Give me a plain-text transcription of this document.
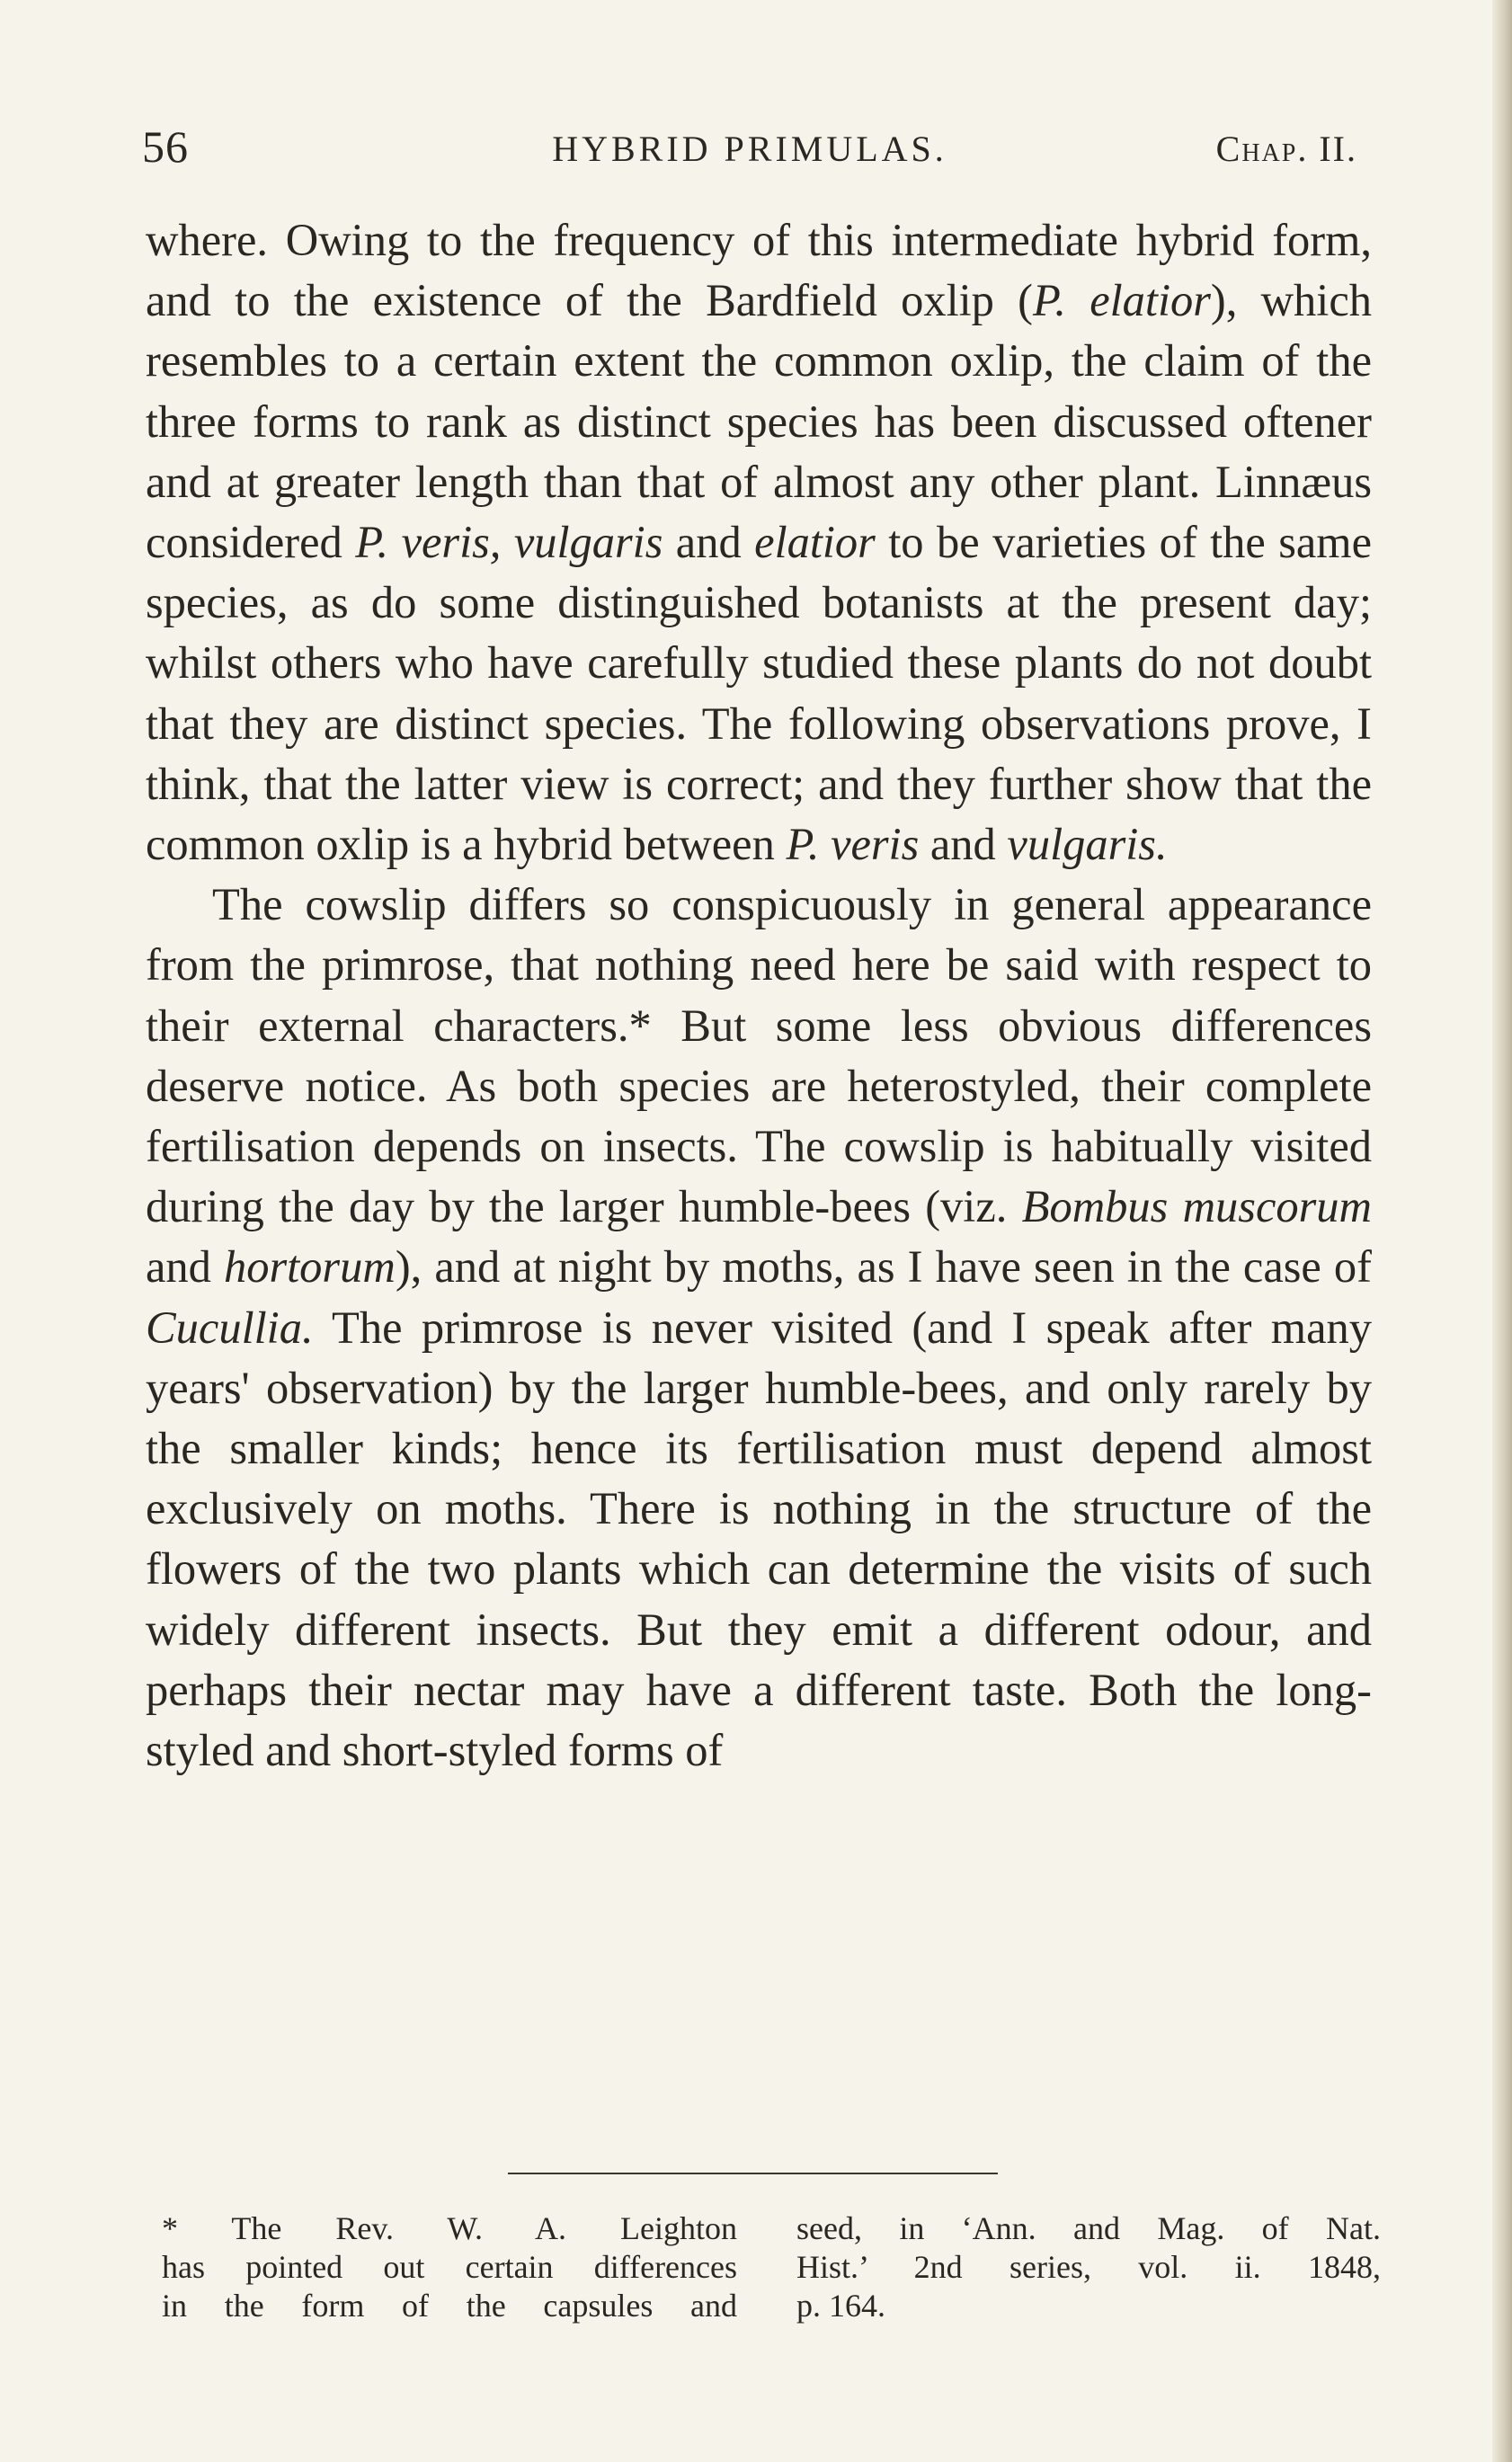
56	HYBRID PRIMULAS.	Chap. II.

where. Owing to the frequency of this intermediate hybrid form, and to the existence of the Bardfield oxlip (P. elatior), which resembles to a certain extent the common oxlip, the claim of the three forms to rank as distinct species has been discussed oftener and at greater length than that of almost any other plant. Linnæus considered P. veris, vulgaris and elatior to be varieties of the same species, as do some distinguished botanists at the present day; whilst others who have carefully studied these plants do not doubt that they are distinct species. The following observations prove, I think, that the latter view is correct; and they further show that the common oxlip is a hybrid between P. veris and vulgaris.

The cowslip differs so conspicuously in general appearance from the primrose, that nothing need here be said with respect to their external characters.* But some less obvious differences deserve notice. As both species are heterostyled, their complete fertilisation depends on insects. The cowslip is habitually visited during the day by the larger humble-bees (viz. Bombus muscorum and hortorum), and at night by moths, as I have seen in the case of Cucullia. The primrose is never visited (and I speak after many years' observation) by the larger humble-bees, and only rarely by the smaller kinds; hence its fertilisation must depend almost exclusively on moths. There is nothing in the structure of the flowers of the two plants which can determine the visits of such widely different insects. But they emit a different odour, and perhaps their nectar may have a different taste. Both the long-styled and short-styled forms of

* The Rev. W. A. Leighton
has pointed out certain differences
in the form of the capsules and
seed, in ‘Ann. and Mag. of Nat.
Hist.’ 2nd series, vol. ii. 1848,
p. 164.
